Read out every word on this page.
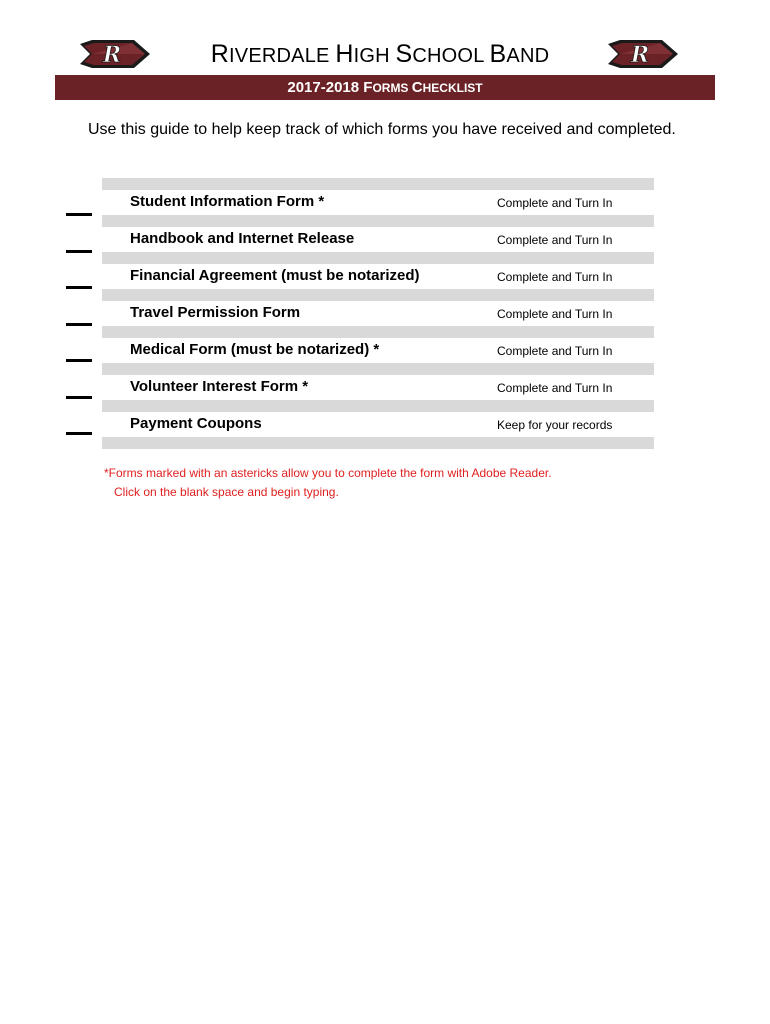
R	RIVERDALE HIGH SCHOOL BAND	R
2017-2018 FORMS CHECKLIST
Use this guide to help keep track of which forms you have received and completed.
Student Information Form *	Complete and Turn In
Handbook and Internet Release	Complete and Turn In
Financial Agreement (must be notarized)	Complete and Turn In
Travel Permission Form	Complete and Turn In
Medical Form (must be notarized) *	Complete and Turn In
Volunteer Interest Form *	Complete and Turn In
Payment Coupons	Keep for your records
*Forms marked with an astericks allow you to complete the form with Adobe Reader.
Click on the blank space and begin typing.
